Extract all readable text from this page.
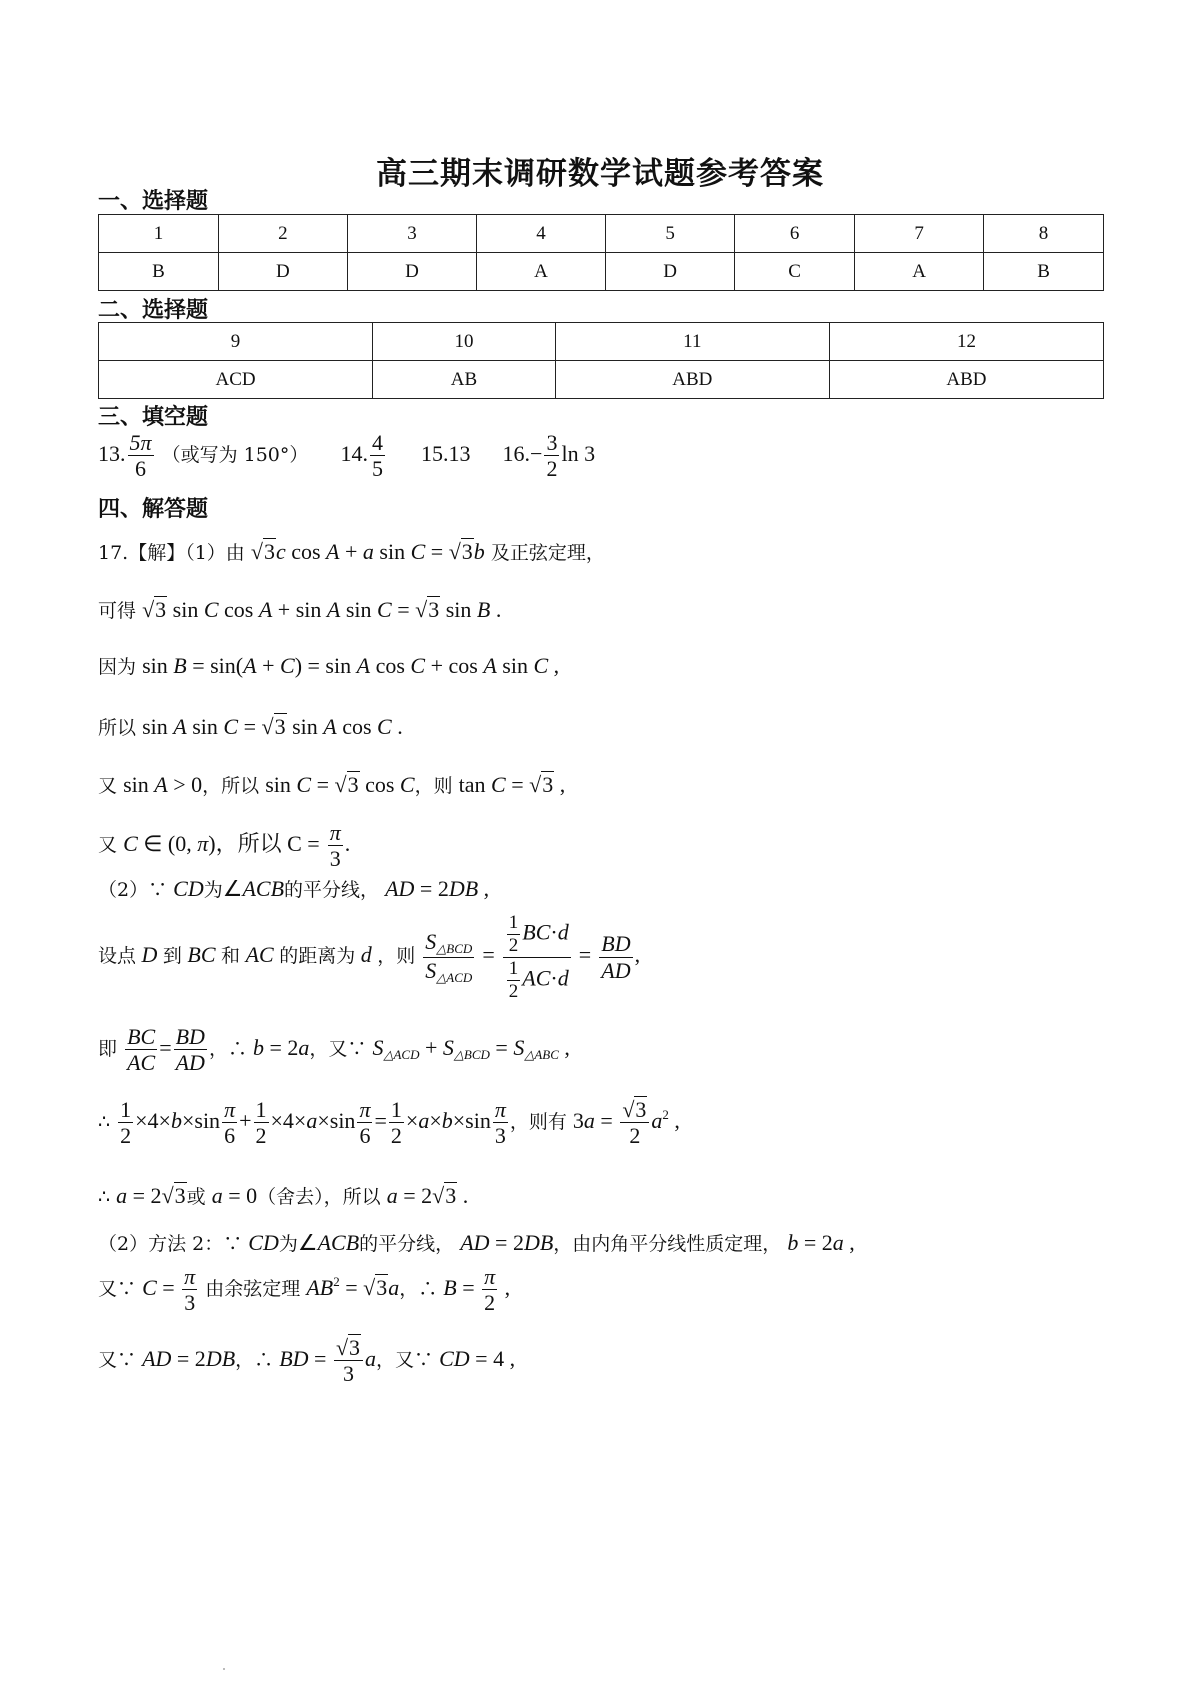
高三期末调研数学试题参考答案
一、选择题
1	2	3	4	5	6	7	8
B	D	D	A	D	C	A	B
二、选择题
9	10	11	12
ACD	AB	ABD	ABD
三、填空题
13. $\frac{5\pi}{6}$ （或写为 150°） 14. $\frac{4}{5} 15.13$ $16.- \frac{3}{2}$ ln 3
四、解答题
17.【解】（1）由 √3c cos A + a sin C = √3b 及正弦定理，
可得 √3 sin C cos A + sin A sin C = √3 sin B .
因为 sin B = sin(A + C) = sin A cos C + cos A sin C ,
所以 sin A sin C = √3 sin A cos C .
又 sin A > 0，所以 sin C = √3 cos C，则 tan C = √3 ,
又 C ∈ (0, π)，所以 $C = \frac{\pi}{3}$ .
（2）∵ CD为∠ACB的平分线， AD = 2DB ,
设点 D 到 BC 和 AC 的距离为 d ，则 $\frac{S_{\triangle BCD}}{S_{\triangle ACD}} = \frac{\frac{1}{2} BC\cdot d}{\frac{1}{2} AC\cdot d} = \frac{BD}{AD}$ ,
即 $\frac{BC}{AC} = \frac{BD}{AD}$ ，∴ b = 2a，又∵ $S_{\triangle ACD} + S_{\triangle BCD} = S_{\triangle ABC}$ ,
∴ $\frac{1}{2} \times 4\times b\times\sin \frac{\pi}{6} + \frac{1}{2} \times 4\times a\times\sin \frac{\pi}{6} = \frac{1}{2} \times a\times b\times\sin \frac{\pi}{3}$ ，则有 $3a = \frac{√3}{2} a^2$ ,
∴ a = 2√3或 a = 0（舍去），所以 a = 2√3 .
（2）方法 2：∵ CD为∠ACB的平分线， AD = 2DB，由内角平分线性质定理， b = 2a ,
又∵ $C = \frac{\pi}{3}$ 由余弦定理 $AB^2 = √3a$，∴ $B = \frac{\pi}{2}$ ,
又∵ AD = 2DB，∴ BD = $\frac{√3}{3}$ a，又∵ CD = 4 ,
